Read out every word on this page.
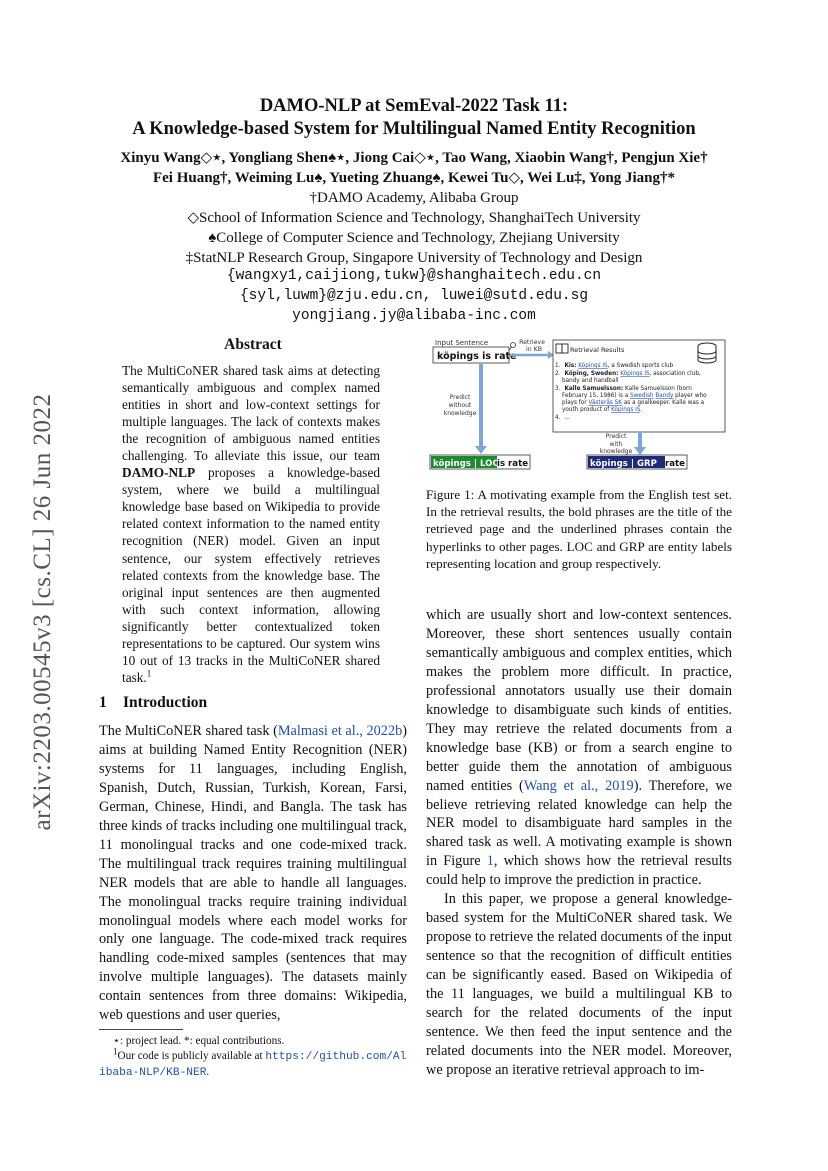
arXiv:2203.00545v3 [cs.CL] 26 Jun 2022
DAMO-NLP at SemEval-2022 Task 11:
A Knowledge-based System for Multilingual Named Entity Recognition
Xinyu Wang◇⋆, Yongliang Shen♠⋆, Jiong Cai◇⋆, Tao Wang, Xiaobin Wang†, Pengjun Xie†
Fei Huang†, Weiming Lu♠, Yueting Zhuang♠, Kewei Tu◇, Wei Lu‡, Yong Jiang†*
†DAMO Academy, Alibaba Group
◇School of Information Science and Technology, ShanghaiTech University
♠College of Computer Science and Technology, Zhejiang University
‡StatNLP Research Group, Singapore University of Technology and Design
{wangxy1,caijiong,tukw}@shanghaitech.edu.cn
{syl,luwm}@zju.edu.cn, luwei@sutd.edu.sg
yongjiang.jy@alibaba-inc.com
Abstract
The MultiCoNER shared task aims at detecting semantically ambiguous and complex named entities in short and low-context settings for multiple languages. The lack of contexts makes the recognition of ambiguous named entities challenging. To alleviate this issue, our team DAMO-NLP proposes a knowledge-based system, where we build a multilingual knowledge base based on Wikipedia to provide related context information to the named entity recognition (NER) model. Given an input sentence, our system effectively retrieves related contexts from the knowledge base. The original input sentences are then augmented with such context information, allowing significantly better contextualized token representations to be captured. Our system wins 10 out of 13 tracks in the MultiCoNER shared task.$^1$
1 Introduction
The MultiCoNER shared task (Malmasi et al., 2022b) aims at building Named Entity Recognition (NER) systems for 11 languages, including English, Spanish, Dutch, Russian, Turkish, Korean, Farsi, German, Chinese, Hindi, and Bangla. The task has three kinds of tracks including one multilingual track, 11 monolingual tracks and one code-mixed track. The multilingual track requires training multilingual NER models that are able to handle all languages. The monolingual tracks require training individual monolingual models where each model works for only one language. The code-mixed track requires handling code-mixed samples (sentences that may involve multiple languages). The datasets mainly contain sentences from three domains: Wikipedia, web questions and user queries,
⋆: project lead. *: equal contributions.
$^1$Our code is publicly available at https://github.com/Alibaba-NLP/KB-NER.
Input Sentence
köpings is rate
Retrieve
in KB	Retrieval Results
1. Kis: Köpings IS, a Swedish sports club
2. Köping, Sweden: Köpings IS, association club,
bandy and handball
3. Kalle Samuelsson: Kalle Samuelsson (born
February 15, 1986) is a Swedish Bandy player who
plays for Västerås SK as a goalkeeper. Kalle was a
youth product of Köpings IS.
4. ...
Predict
without
knowledge
Predict
with
knowledge
köpings | LOC
is rate	köpings | GRP rate
Figure 1: A motivating example from the English test set. In the retrieval results, the bold phrases are the title of the retrieved page and the underlined phrases contain the hyperlinks to other pages. LOC and GRP are entity labels representing location and group respectively.

which are usually short and low-context sentences. Moreover, these short sentences usually contain semantically ambiguous and complex entities, which makes the problem more difficult. In practice, professional annotators usually use their domain knowledge to disambiguate such kinds of entities. They may retrieve the related documents from a knowledge base (KB) or from a search engine to better guide them the annotation of ambiguous named entities (Wang et al., 2019). Therefore, we believe retrieving related knowledge can help the NER model to disambiguate hard samples in the shared task as well. A motivating example is shown in Figure 1, which shows how the retrieval results could help to improve the prediction in practice.

In this paper, we propose a general knowledge-based system for the MultiCoNER shared task. We propose to retrieve the related documents of the input sentence so that the recognition of difficult entities can be significantly eased. Based on Wikipedia of the 11 languages, we build a multilingual KB to search for the related documents of the input sentence. We then feed the input sentence and the related documents into the NER model. Moreover, we propose an iterative retrieval approach to im-
